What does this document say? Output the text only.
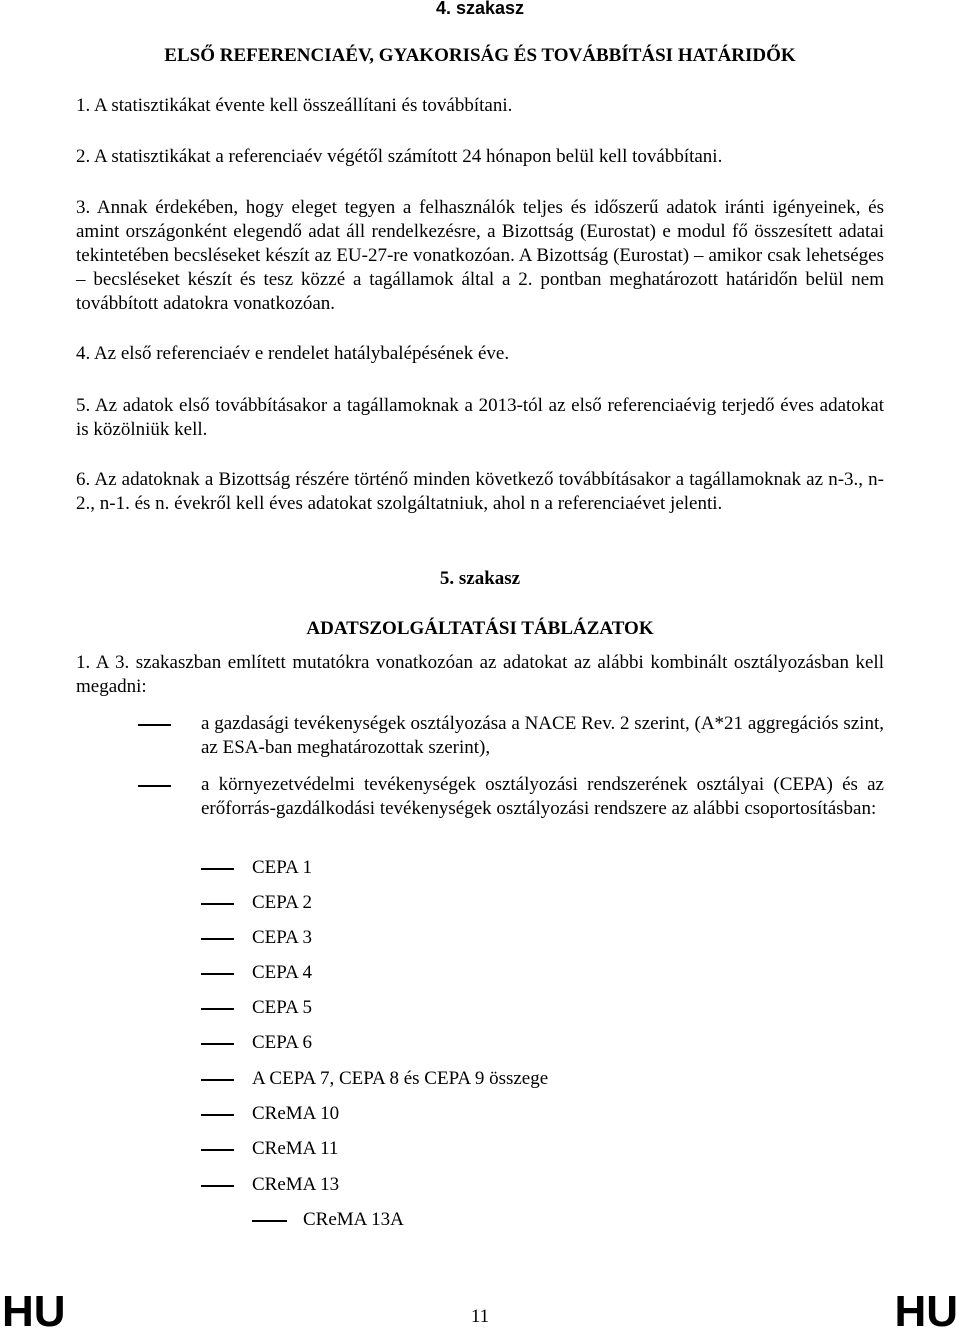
4. szakasz
ELSŐ REFERENCIAÉV, GYAKORISÁG ÉS TOVÁBBÍTÁSI HATÁRIDŐK
1. A statisztikákat évente kell összeállítani és továbbítani.
2. A statisztikákat a referenciaév végétől számított 24 hónapon belül kell továbbítani.
3. Annak érdekében, hogy eleget tegyen a felhasználók teljes és időszerű adatok iránti igényeinek, és amint országonként elegendő adat áll rendelkezésre, a Bizottság (Eurostat) e modul fő összesített adatai tekintetében becsléseket készít az EU-27-re vonatkozóan. A Bizottság (Eurostat) – amikor csak lehetséges – becsléseket készít és tesz közzé a tagállamok által a 2. pontban meghatározott határidőn belül nem továbbított adatokra vonatkozóan.
4. Az első referenciaév e rendelet hatálybalépésének éve.
5. Az adatok első továbbításakor a tagállamoknak a 2013-tól az első referenciaévig terjedő éves adatokat is közölniük kell.
6. Az adatoknak a Bizottság részére történő minden következő továbbításakor a tagállamoknak az n-3., n-2., n-1. és n. évekről kell éves adatokat szolgáltatniuk, ahol n a referenciaévet jelenti.
5. szakasz
ADATSZOLGÁLTATÁSI TÁBLÁZATOK
1. A 3. szakaszban említett mutatókra vonatkozóan az adatokat az alábbi kombinált osztályozásban kell megadni:
a gazdasági tevékenységek osztályozása a NACE Rev. 2 szerint, (A*21 aggregációs szint, az ESA-ban meghatározottak szerint),
a környezetvédelmi tevékenységek osztályozási rendszerének osztályai (CEPA) és az erőforrás-gazdálkodási tevékenységek osztályozási rendszere az alábbi csoportosításban:
CEPA 1
CEPA 2
CEPA 3
CEPA 4
CEPA 5
CEPA 6
A CEPA 7, CEPA 8 és CEPA 9 összege
CReMA 10
CReMA 11
CReMA 13
CReMA 13A
HU	11	HU
